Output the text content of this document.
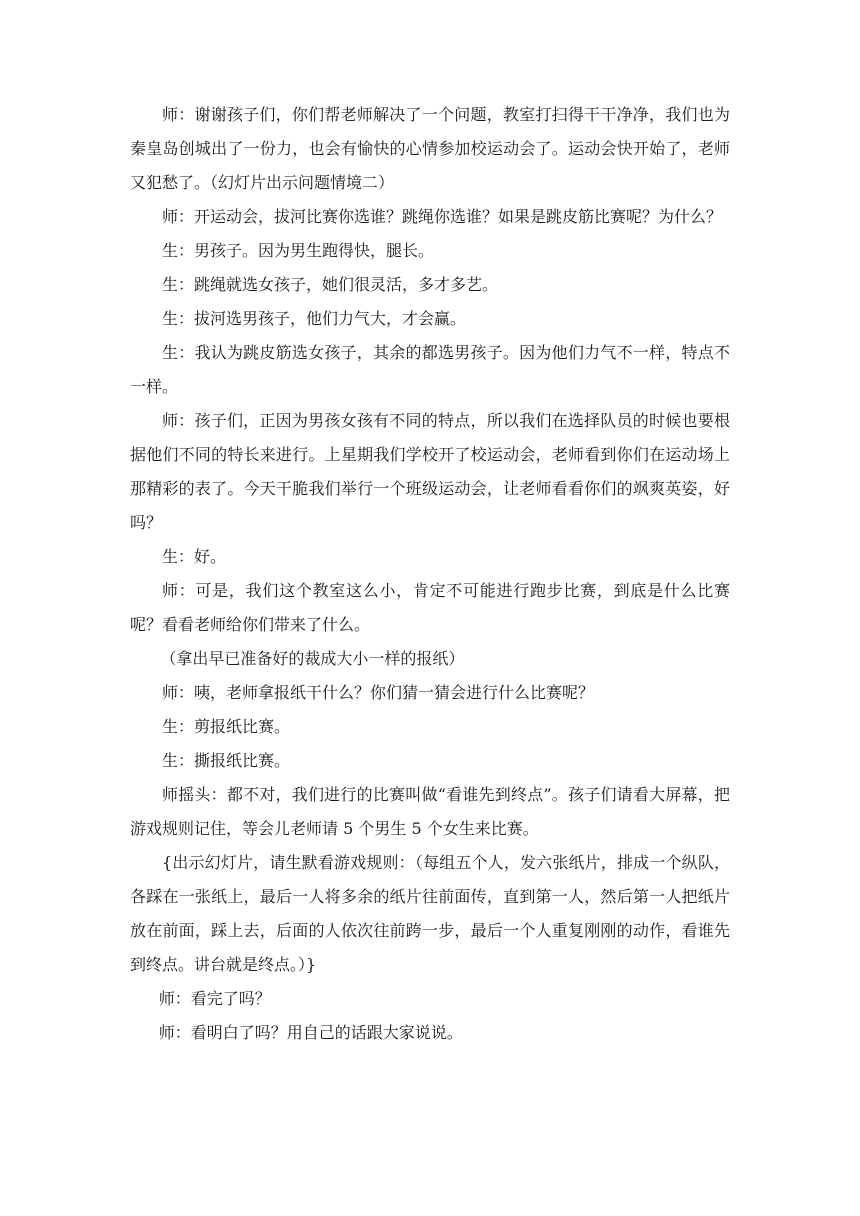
师：谢谢孩子们，你们帮老师解决了一个问题，教室打扫得干干净净，我们也为秦皇岛创城出了一份力，也会有愉快的心情参加校运动会了。运动会快开始了，老师又犯愁了。（幻灯片出示问题情境二）

师：开运动会，拔河比赛你选谁？跳绳你选谁？如果是跳皮筋比赛呢？为什么？

生：男孩子。因为男生跑得快，腿长。

生：跳绳就选女孩子，她们很灵活，多才多艺。

生：拔河选男孩子，他们力气大，才会赢。

生：我认为跳皮筋选女孩子，其余的都选男孩子。因为他们力气不一样，特点不一样。

师：孩子们，正因为男孩女孩有不同的特点，所以我们在选择队员的时候也要根据他们不同的特长来进行。上星期我们学校开了校运动会，老师看到你们在运动场上那精彩的表了。今天干脆我们举行一个班级运动会，让老师看看你们的飒爽英姿，好吗？

生：好。

师：可是，我们这个教室这么小，肯定不可能进行跑步比赛，到底是什么比赛呢？看看老师给你们带来了什么。

（拿出早已准备好的裁成大小一样的报纸）

师：咦，老师拿报纸干什么？你们猜一猜会进行什么比赛呢？

生：剪报纸比赛。

生：撕报纸比赛。

师摇头：都不对，我们进行的比赛叫做“看谁先到终点”。孩子们请看大屏幕，把游戏规则记住，等会儿老师请 5 个男生 5 个女生来比赛。

{出示幻灯片，请生默看游戏规则：（每组五个人，发六张纸片，排成一个纵队，各踩在一张纸上，最后一人将多余的纸片往前面传，直到第一人，然后第一人把纸片放在前面，踩上去，后面的人依次往前跨一步，最后一个人重复刚刚的动作，看谁先到终点。讲台就是终点。）}

师：看完了吗？

师：看明白了吗？用自己的话跟大家说说。
